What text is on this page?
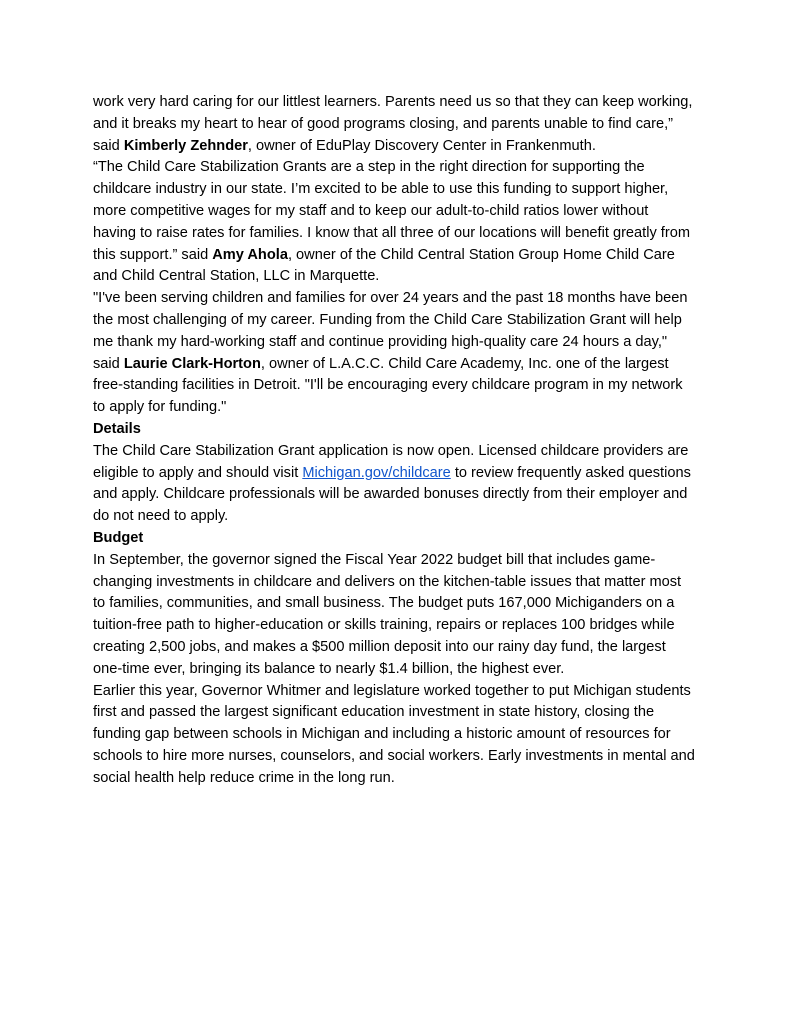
work very hard caring for our littlest learners. Parents need us so that they can keep working, and it breaks my heart to hear of good programs closing, and parents unable to find care,” said Kimberly Zehnder, owner of EduPlay Discovery Center in Frankenmuth.

“The Child Care Stabilization Grants are a step in the right direction for supporting the childcare industry in our state. I’m excited to be able to use this funding to support higher, more competitive wages for my staff and to keep our adult-to-child ratios lower without having to raise rates for families. I know that all three of our locations will benefit greatly from this support.” said Amy Ahola, owner of the Child Central Station Group Home Child Care and Child Central Station, LLC in Marquette.

"I've been serving children and families for over 24 years and the past 18 months have been the most challenging of my career. Funding from the Child Care Stabilization Grant will help me thank my hard-working staff and continue providing high-quality care 24 hours a day," said Laurie Clark-Horton, owner of L.A.C.C. Child Care Academy, Inc. one of the largest free-standing facilities in Detroit. "I'll be encouraging every childcare program in my network to apply for funding."

Details

The Child Care Stabilization Grant application is now open. Licensed childcare providers are eligible to apply and should visit Michigan.gov/childcare to review frequently asked questions and apply. Childcare professionals will be awarded bonuses directly from their employer and do not need to apply.

Budget

In September, the governor signed the Fiscal Year 2022 budget bill that includes game-changing investments in childcare and delivers on the kitchen-table issues that matter most to families, communities, and small business. The budget puts 167,000 Michiganders on a tuition-free path to higher-education or skills training, repairs or replaces 100 bridges while creating 2,500 jobs, and makes a $500 million deposit into our rainy day fund, the largest one-time ever, bringing its balance to nearly $1.4 billion, the highest ever.

Earlier this year, Governor Whitmer and legislature worked together to put Michigan students first and passed the largest significant education investment in state history, closing the funding gap between schools in Michigan and including a historic amount of resources for schools to hire more nurses, counselors, and social workers. Early investments in mental and social health help reduce crime in the long run.
